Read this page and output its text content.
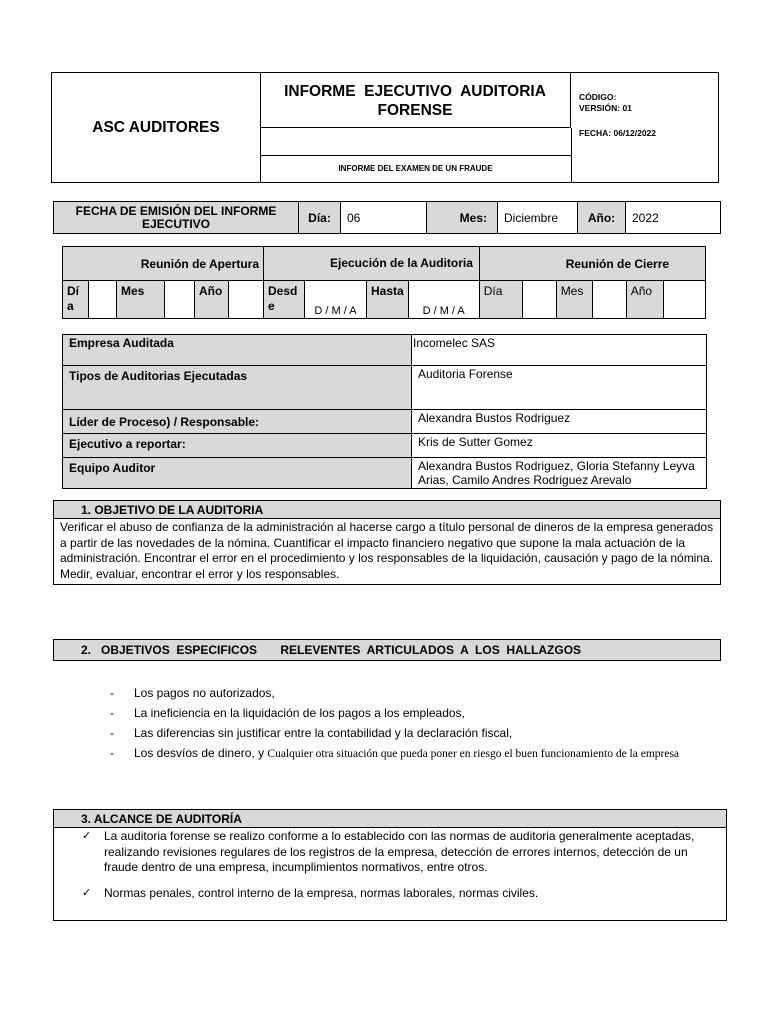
ASC AUDITORES
INFORME  EJECUTIVO  AUDITORIA
FORENSE
INFORME DEL EXAMEN DE UN FRAUDE
CÓDIGO:
VERSIÓN: 01
FECHA: 06/12/2022
FECHA DE EMISIÓN DEL INFORME EJECUTIVO	Día:	06	Mes:	Diciembre	Año:	2022
Reunión de Apertura						Ejecución de la Auditoria				Reunión de Cierre					
Dí a		Mes		Año		Desd e	D / M / A	Hasta	D / M / A	Día		Mes		Año	
Empresa Auditada	Incomelec SAS
Tipos de Auditorias Ejecutadas	Auditoria Forense
Líder de Proceso) / Responsable:	Alexandra Bustos Rodriguez
Ejecutivo a reportar:	Kris de Sutter Gomez
Equipo Auditor	Alexandra Bustos Rodriguez, Gloria Stefanny Leyva Arias, Camilo Andres Rodriguez Arevalo
1. OBJETIVO DE LA AUDITORIA
Verificar el abuso de confianza de la administración al hacerse cargo a título personal de dineros de la empresa generados a partir de las novedades de la nómina. Cuantificar el impacto financiero negativo que supone la mala actuación de la administración. Encontrar el error en el procedimiento y los responsables de la liquidación, causación y pago de la nómina. Medir, evaluar, encontrar el error y los responsables.
2.   OBJETIVOS  ESPECIFICOS       RELEVENTES  ARTICULADOS  A  LOS  HALLAZGOS
- Los pagos no autorizados,
- La ineficiencia en la liquidación de los pagos a los empleados,
- Las diferencias sin justificar entre la contabilidad y la declaración fiscal,
- Los desvíos de dinero, y Cualquier otra situación que pueda poner en riesgo el buen funcionamiento de la empresa
3. ALCANCE DE AUDITORÍA
✓ La auditoria forense se realizo conforme a lo establecido con las normas de auditoria generalmente aceptadas, realizando revisiones regulares de los registros de la empresa, detección de errores internos, detección de un fraude dentro de una empresa, incumplimientos normativos, entre otros.
✓ Normas penales, control interno de la empresa, normas laborales, normas civiles.
